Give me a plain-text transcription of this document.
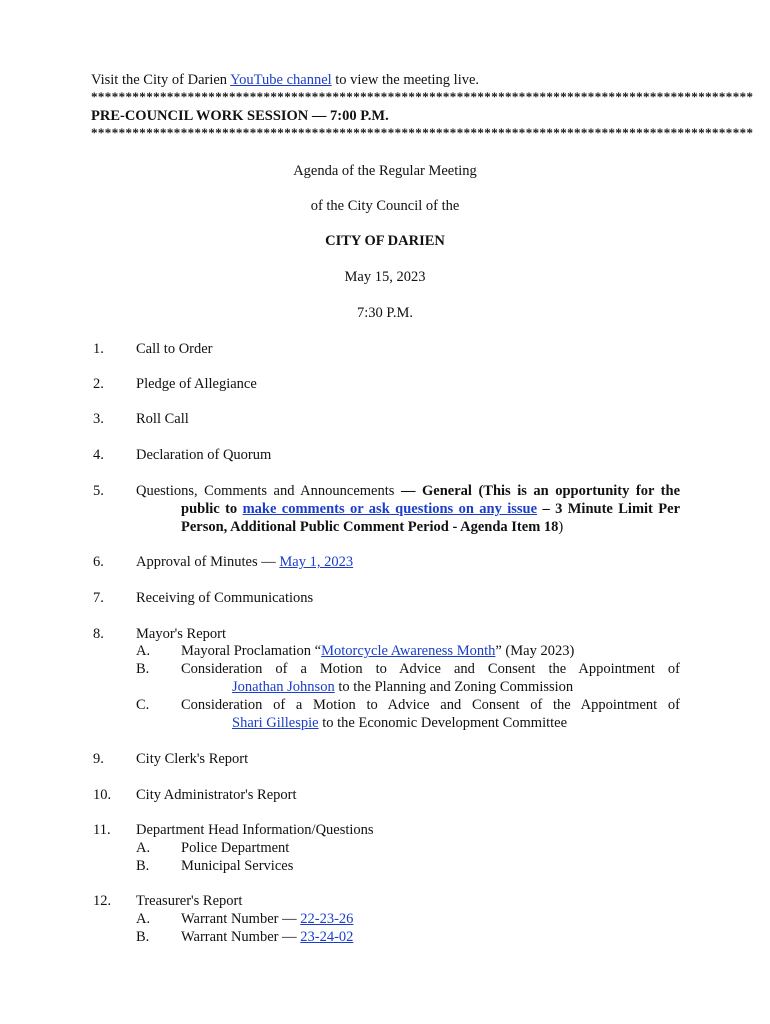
Visit the City of Darien YouTube channel to view the meeting live.
************************************************************************************************
PRE-COUNCIL WORK SESSION — 7:00 P.M.
************************************************************************************************
Agenda of the Regular Meeting
of the City Council of the
CITY OF DARIEN
May 15, 2023
7:30 P.M.
1. Call to Order
2. Pledge of Allegiance
3. Roll Call
4. Declaration of Quorum
5. Questions, Comments and Announcements — General (This is an opportunity for the
public to make comments or ask questions on any issue – 3 Minute Limit Per
Person, Additional Public Comment Period - Agenda Item 18)
6. Approval of Minutes — May 1, 2023
7. Receiving of Communications
8. Mayor's Report
A. Mayoral Proclamation “Motorcycle Awareness Month” (May 2023)
B. Consideration of a Motion to Advice and Consent the Appointment of
Jonathan Johnson to the Planning and Zoning Commission
C. Consideration of a Motion to Advice and Consent of the Appointment of
Shari Gillespie to the Economic Development Committee
9. City Clerk's Report
10. City Administrator's Report
11. Department Head Information/Questions
A. Police Department
B. Municipal Services
12. Treasurer's Report
A. Warrant Number — 22-23-26
B. Warrant Number — 23-24-02
